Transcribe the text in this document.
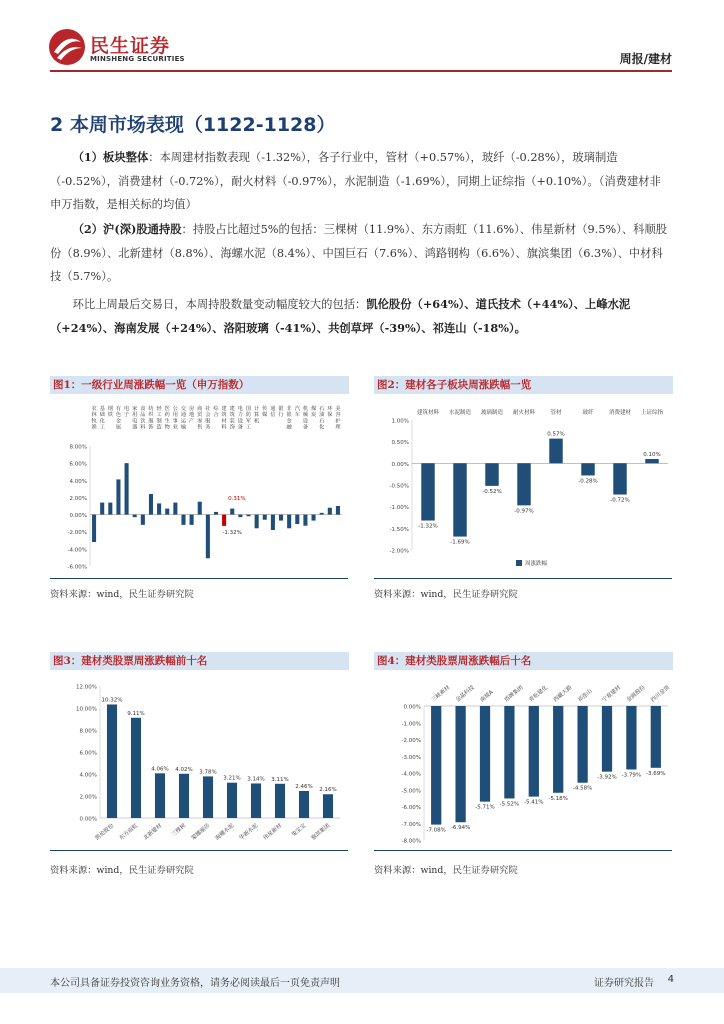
民生证券
MINSHENG SECURITIES	周报/建材
2 本周市场表现（1122-1128）
（1）板块整体：本周建材指数表现（-1.32%），各子行业中，管材（+0.57%），玻纤（-0.28%），玻璃制造（-0.52%），消费建材（-0.72%），耐火材料（-0.97%），水泥制造（-1.69%），同期上证综指（+0.10%）。（消费建材非申万指数，是相关标的均值）
（2）沪(深)股通持股：持股占比超过5%的包括：三棵树（11.9%）、东方雨虹（11.6%）、伟星新材（9.5%）、科顺股份（8.9%）、北新建材（8.8%）、海螺水泥（8.4%）、中国巨石（7.6%）、鸿路钢构（6.6%）、旗滨集团（6.3%）、中材科技（5.7%）。
环比上周最后交易日，本周持股数量变动幅度较大的包括：凯伦股份（+64%）、道氏技术（+44%）、上峰水泥（+24%）、海南发展（+24%）、洛阳玻璃（-41%）、共创草坪（-39%）、祁连山（-18%）。
图1：一级行业周涨跌幅一览（申万指数）
8.00%
6.00%
4.00%
2.00%
0.00%
-2.00%
-4.00%
-6.00%
农
林
牧
渔
基
础
化
工
钢
铁
有
色
金
属
电
子
家
用
电
器
食
品
饮
料
纺
织
服
饰
轻
工
制
造
医
药
生
物
公
用
事
业
交
通
运
输
房
地
产
商
贸
零
售
社
会
服
务
综
合
建
筑
材
料
建
筑
装
饰
电
力
设
备
国
防
军
工
计
算
机
传
媒
通
信
银
行
非
银
金
融
汽
车
机
械
设
备
煤
炭
石
油
石
化
环
保
美
容
护
理
-1.32%
0.31%
资料来源：wind，民生证券研究院
图2：建材各子板块周涨跌幅一览
1.00%
0.50%
0.00%
-0.50%
-1.00%
-1.50%
-2.00%
建筑材料
-1.32%
水泥制造
-1.69%
玻璃制造
-0.52%
耐火材料
-0.97%
管材
0.57%
玻纤
-0.28%
消费建材
-0.72%
上证综指
0.10%
周涨跌幅
资料来源：wind，民生证券研究院
图3：建材类股票周涨跌幅前十名
12.00%
10.00%
8.00%
6.00%
4.00%
2.00%
0.00%
凯伦股份
10.32%
东方雨虹
9.11%
北新建材
4.06%
三棵树
4.02%
蒙娜丽莎
3.78%
海螺水泥
3.21%
华新水泥
3.14%
伟星新材
3.11%
兔宝宝
2.46%
旗滨集团
2.16%
资料来源：wind，民生证券研究院
图4：建材类股票周涨跌幅后十名
0.00%
-1.00%
-2.00%
-3.00%
-4.00%
-5.00%
-6.00%
-7.00%
-8.00%
三峡新材
-7.08%
金晶科技
-6.94%
南玻A
-5.71%
塔牌集团
-5.52%
青松建化
-5.41%
西藏天路
-5.18%
祁连山
-4.58%
宁夏建材
-3.92%
金圆股份
-3.79%
四川金顶
-3.69%
资料来源：wind，民生证券研究院
本公司具备证券投资咨询业务资格，请务必阅读最后一页免责声明	证券研究报告 4
